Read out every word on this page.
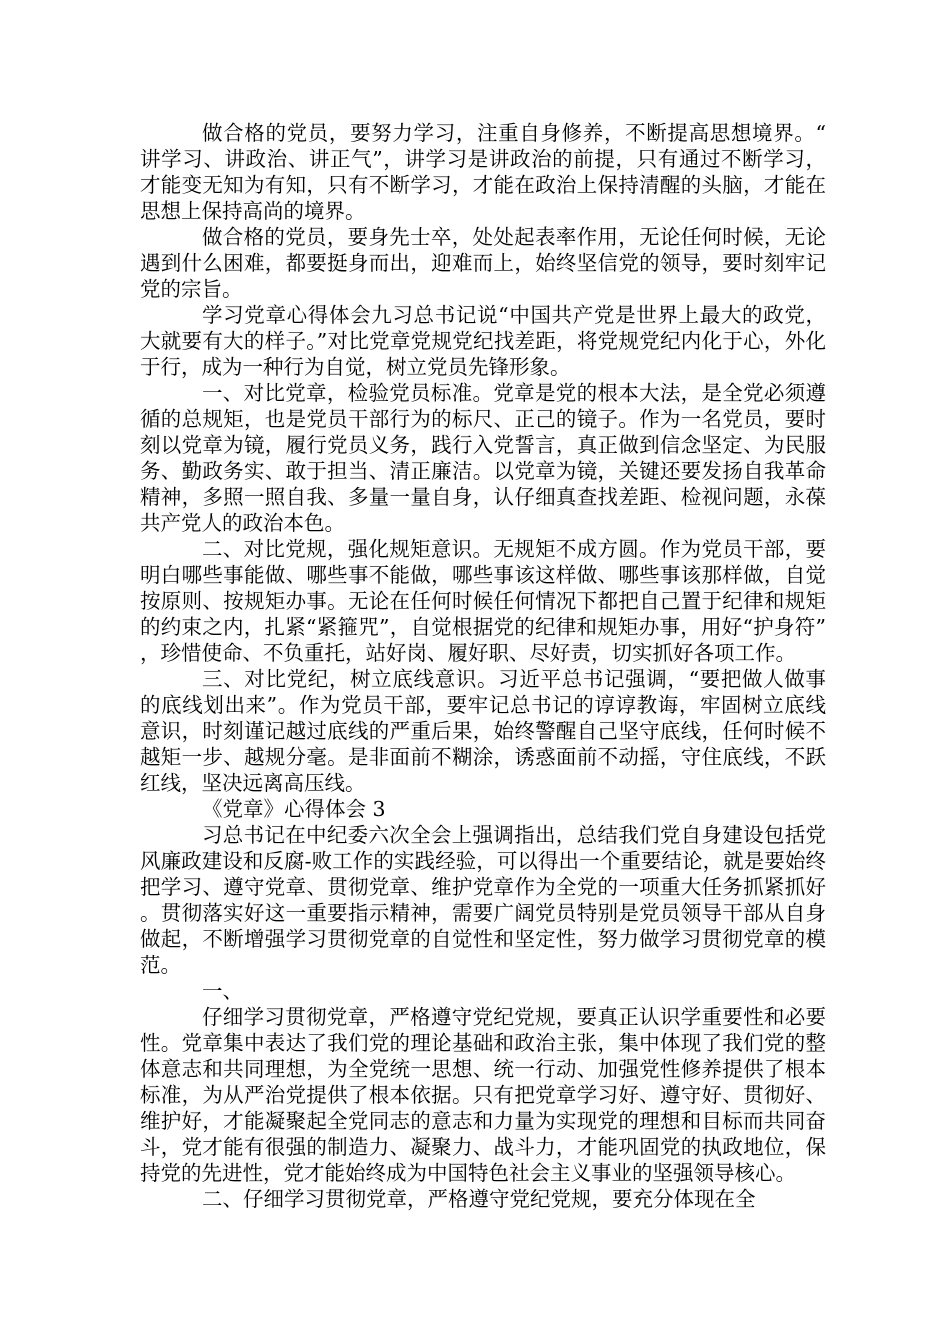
做合格的党员，要努力学习，注重自身修养，不断提高思想境界。“讲学习、讲政治、讲正气”，讲学习是讲政治的前提，只有通过不断学习，才能变无知为有知，只有不断学习，才能在政治上保持清醒的头脑，才能在思想上保持高尚的境界。

做合格的党员，要身先士卒，处处起表率作用，无论任何时候，无论遇到什么困难，都要挺身而出，迎难而上，始终坚信党的领导，要时刻牢记党的宗旨。

学习党章心得体会九习总书记说“中国共产党是世界上最大的政党，大就要有大的样子。”对比党章党规党纪找差距，将党规党纪内化于心，外化于行，成为一种行为自觉，树立党员先锋形象。

一、对比党章，检验党员标准。党章是党的根本大法，是全党必须遵循的总规矩，也是党员干部行为的标尺、正己的镜子。作为一名党员，要时刻以党章为镜，履行党员义务，践行入党誓言，真正做到信念坚定、为民服务、勤政务实、敢于担当、清正廉洁。以党章为镜，关键还要发扬自我革命精神，多照一照自我、多量一量自身，认仔细真查找差距、检视问题，永葆共产党人的政治本色。

二、对比党规，强化规矩意识。无规矩不成方圆。作为党员干部，要明白哪些事能做、哪些事不能做，哪些事该这样做、哪些事该那样做，自觉按原则、按规矩办事。无论在任何时候任何情况下都把自己置于纪律和规矩的约束之内，扎紧“紧箍咒”，自觉根据党的纪律和规矩办事，用好“护身符”，珍惜使命、不负重托，站好岗、履好职、尽好责，切实抓好各项工作。

三、对比党纪，树立底线意识。习近平总书记强调，“要把做人做事的底线划出来”。作为党员干部，要牢记总书记的谆谆教诲，牢固树立底线意识，时刻谨记越过底线的严重后果，始终警醒自己坚守底线，任何时候不越矩一步、越规分毫。是非面前不糊涂，诱惑面前不动摇，守住底线，不跃红线，坚决远离高压线。

《党章》心得体会 3

习总书记在中纪委六次全会上强调指出，总结我们党自身建设包括党风廉政建设和反腐-败工作的实践经验，可以得出一个重要结论，就是要始终把学习、遵守党章、贯彻党章、维护党章作为全党的一项重大任务抓紧抓好。贯彻落实好这一重要指示精神，需要广阔党员特别是党员领导干部从自身做起，不断增强学习贯彻党章的自觉性和坚定性，努力做学习贯彻党章的模范。

一、

仔细学习贯彻党章，严格遵守党纪党规，要真正认识学重要性和必要性。党章集中表达了我们党的理论基础和政治主张，集中体现了我们党的整体意志和共同理想，为全党统一思想、统一行动、加强党性修养提供了根本标准，为从严治党提供了根本依据。只有把党章学习好、遵守好、贯彻好、维护好，才能凝聚起全党同志的意志和力量为实现党的理想和目标而共同奋斗，党才能有很强的制造力、凝聚力、战斗力，才能巩固党的执政地位，保持党的先进性，党才能始终成为中国特色社会主义事业的坚强领导核心。

二、仔细学习贯彻党章，严格遵守党纪党规，要充分体现在全
